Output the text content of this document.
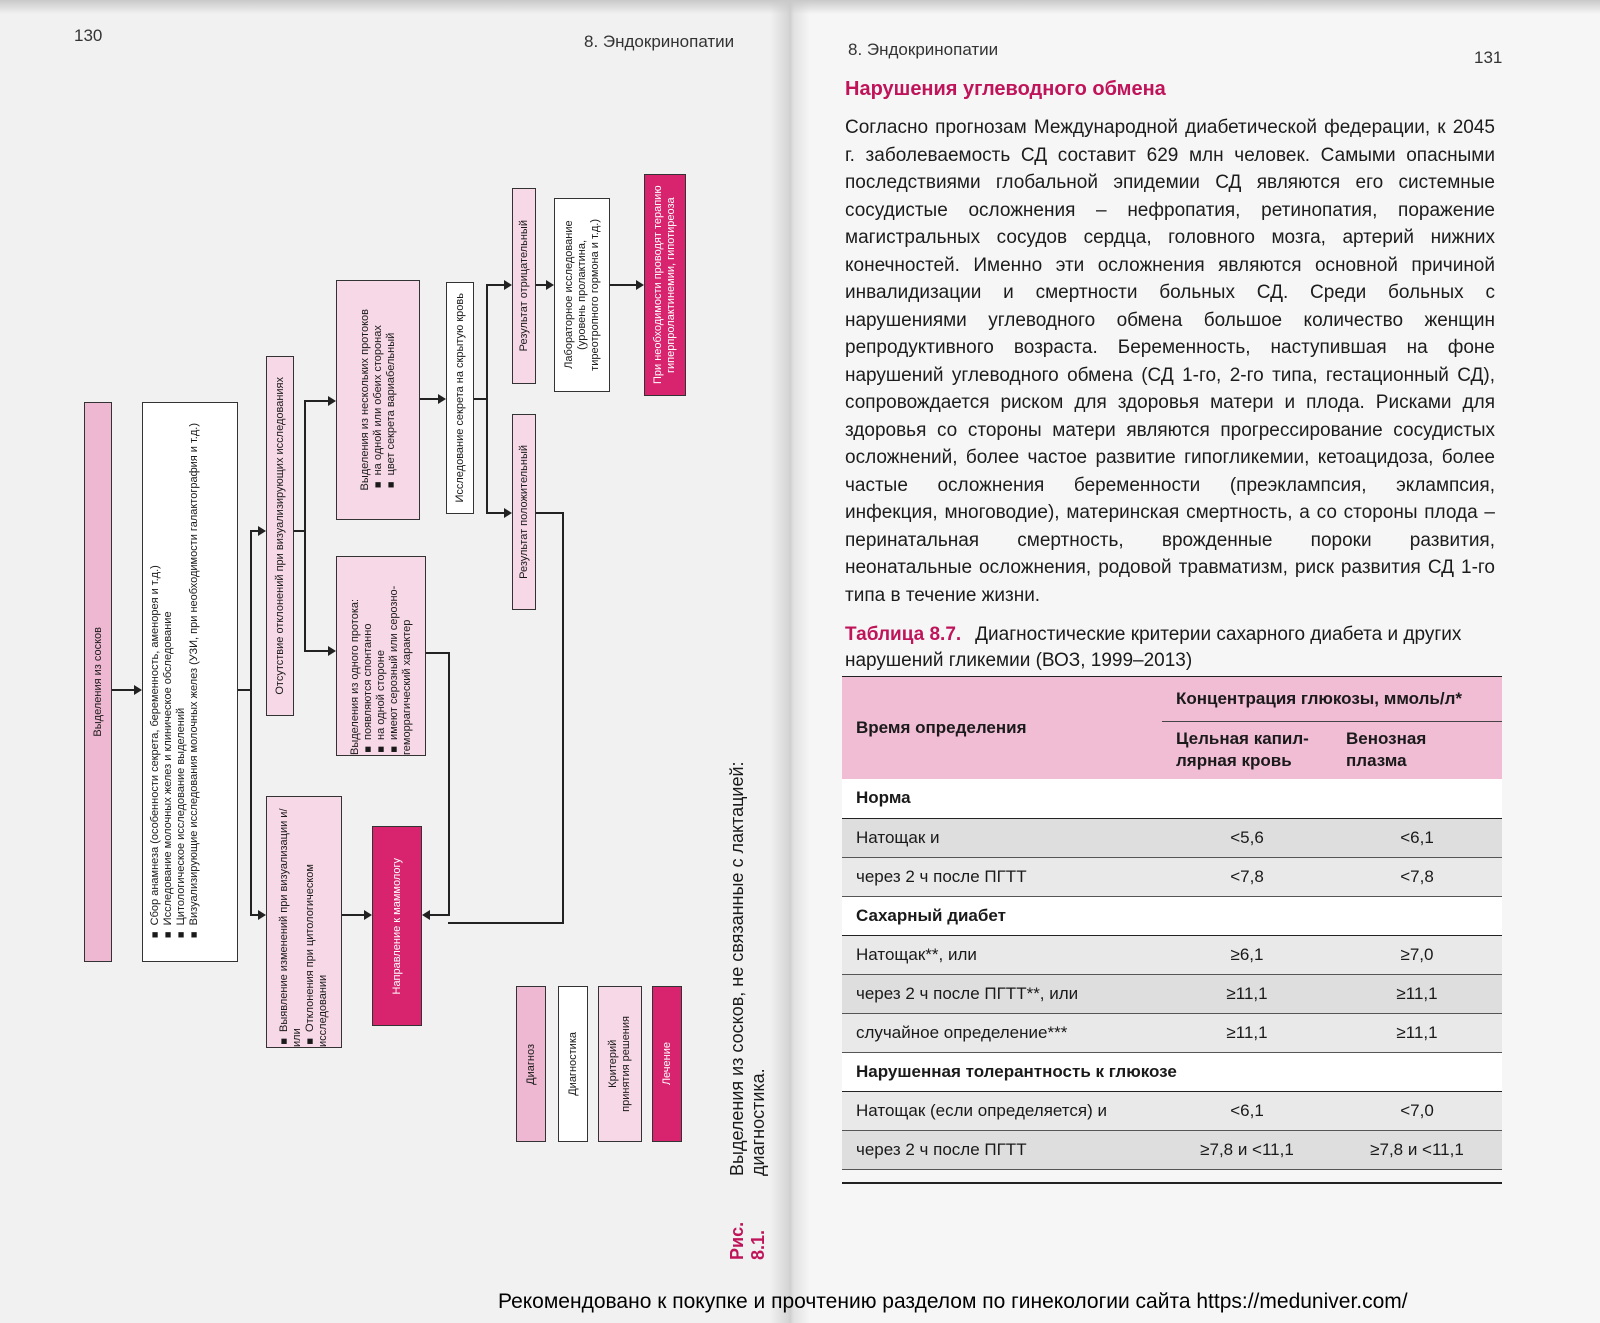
130	8. Эндокринопатии
Выделения из сосков
■ Сбор анамнеза (особенности секрета, беременность, аменорея и т.д.)
■ Исследование молочных желез и клиническое обследование
■ Цитологическое исследование выделений
■ Визуализирующие исследования молочных желез (УЗИ, при необходимости галактография и т.д.)	Отсутствие отклонений при визуализирующих исследованиях
■ Выявление изменений при визуализации и/или
■ Отклонения при цитологическом исследовании
Направление к маммологу
Выделения из одного протока:
■ появляются спонтанно
■ на одной стороне
■ имеют серозный или серозно-геморрагический характер
Выделения из нескольких протоков
■ на одной или обеих сторонах
■ цвет секрета вариабельный	Исследование секрета на скрытую кровь
Результат отрицательный
Результат положительный
Лабораторное исследование
(уровень пролактина,
тиреотропного гормона и т.д.)	При необходимости проводят терапию гиперпролактинемии, гипотиреоза
Диагноз	Диагностика	Критерий
принятия решения
Лечение
Рис. 8.1.
Выделения из сосков, не связанные с лактацией: диагностика.
8. Эндокринопатии	131
Нарушения углеводного обмена
Согласно прогнозам Международной диабетической федерации, к 2045 г. заболеваемость СД составит 629 млн человек. Самыми опасными последствиями глобальной эпидемии СД являются его системные сосудистые осложнения – нефропатия, ретинопатия, поражение магистральных сосудов сердца, головного мозга, артерий нижних конечностей. Именно эти осложнения являются основной причиной инвалидизации и смертности больных СД. Среди больных с нарушениями углеводного обмена большое количество женщин репродуктивного возраста. Беременность, наступившая на фоне нарушений углеводного обмена (СД 1-го, 2-го типа, гестационный СД), сопровождается риском для здоровья матери и плода. Рисками для здоровья со стороны матери являются прогрессирование сосудистых осложнений, более частое развитие гипогликемии, кетоацидоза, более частые осложнения беременности (преэклампсия, эклампсия, инфекция, многоводие), материнская смертность, а со стороны плода – перинатальная смертность, врожденные пороки развития, неонатальные осложнения, родовой травматизм, риск развития СД 1-го типа в течение жизни.
Таблица 8.7. Диагностические критерии сахарного диабета и других нарушений гликемии (ВОЗ, 1999–2013)
Время определения	Концентрация глюкозы, ммоль/л*	
	Цельная капил-лярная кровь	Венозная плазма
Норма		
Натощак и	<5,6	<6,1
через 2 ч после ПГТТ	<7,8	<7,8
Сахарный диабет		
Натощак**, или	≥6,1	≥7,0
через 2 ч после ПГТТ**, или	≥11,1	≥11,1
случайное определение***	≥11,1	≥11,1
Нарушенная толерантность к глюкозе		
Натощак (если определяется) и	<6,1	<7,0
через 2 ч после ПГТТ	≥7,8 и <11,1	≥7,8 и <11,1
Рекомендовано к покупке и прочтению разделом по гинекологии сайта https://meduniver.com/
